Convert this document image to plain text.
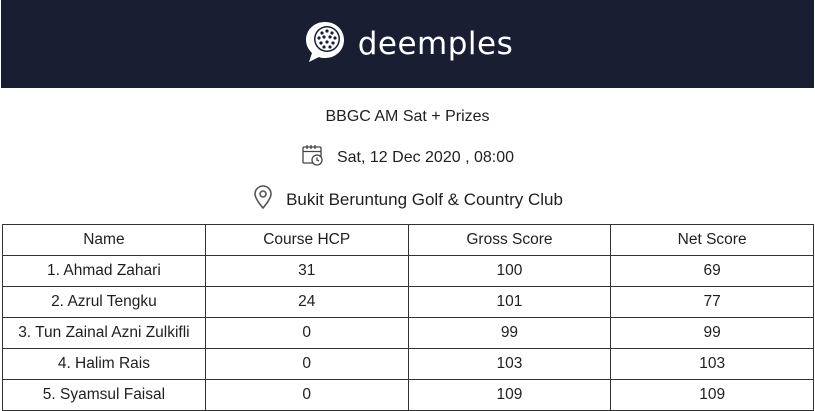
deemples
BBGC AM Sat + Prizes
Sat, 12 Dec 2020 , 08:00
Bukit Beruntung Golf & Country Club
Name	Course HCP	Gross Score	Net Score
1. Ahmad Zahari	31	100	69
2. Azrul Tengku	24	101	77
3. Tun Zainal Azni Zulkifli	0	99	99
4. Halim Rais	0	103	103
5. Syamsul Faisal	0	109	109
